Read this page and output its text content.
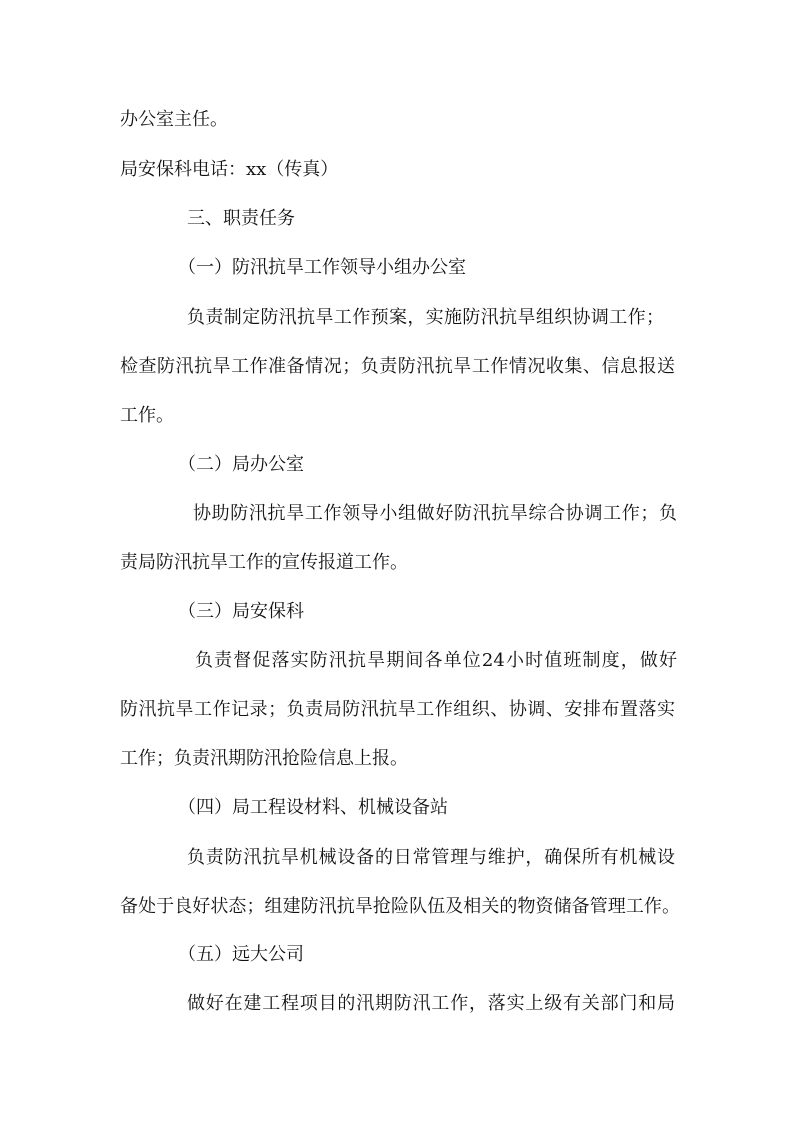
办公室主任。
局安保科电话：xx（传真）
三、职责任务
（一）防汛抗旱工作领导小组办公室
负责制定防汛抗旱工作预案，实施防汛抗旱组织协调工作；
检查防汛抗旱工作准备情况；负责防汛抗旱工作情况收集、信息报送
工作。
（二）局办公室
协助防汛抗旱工作领导小组做好防汛抗旱综合协调工作；负
责局防汛抗旱工作的宣传报道工作。
（三）局安保科
负责督促落实防汛抗旱期间各单位24小时值班制度，做好
防汛抗旱工作记录；负责局防汛抗旱工作组织、协调、安排布置落实
工作；负责汛期防汛抢险信息上报。
（四）局工程设材料、机械设备站
负责防汛抗旱机械设备的日常管理与维护，确保所有机械设
备处于良好状态；组建防汛抗旱抢险队伍及相关的物资储备管理工作。
（五）远大公司
做好在建工程项目的汛期防汛工作，落实上级有关部门和局
